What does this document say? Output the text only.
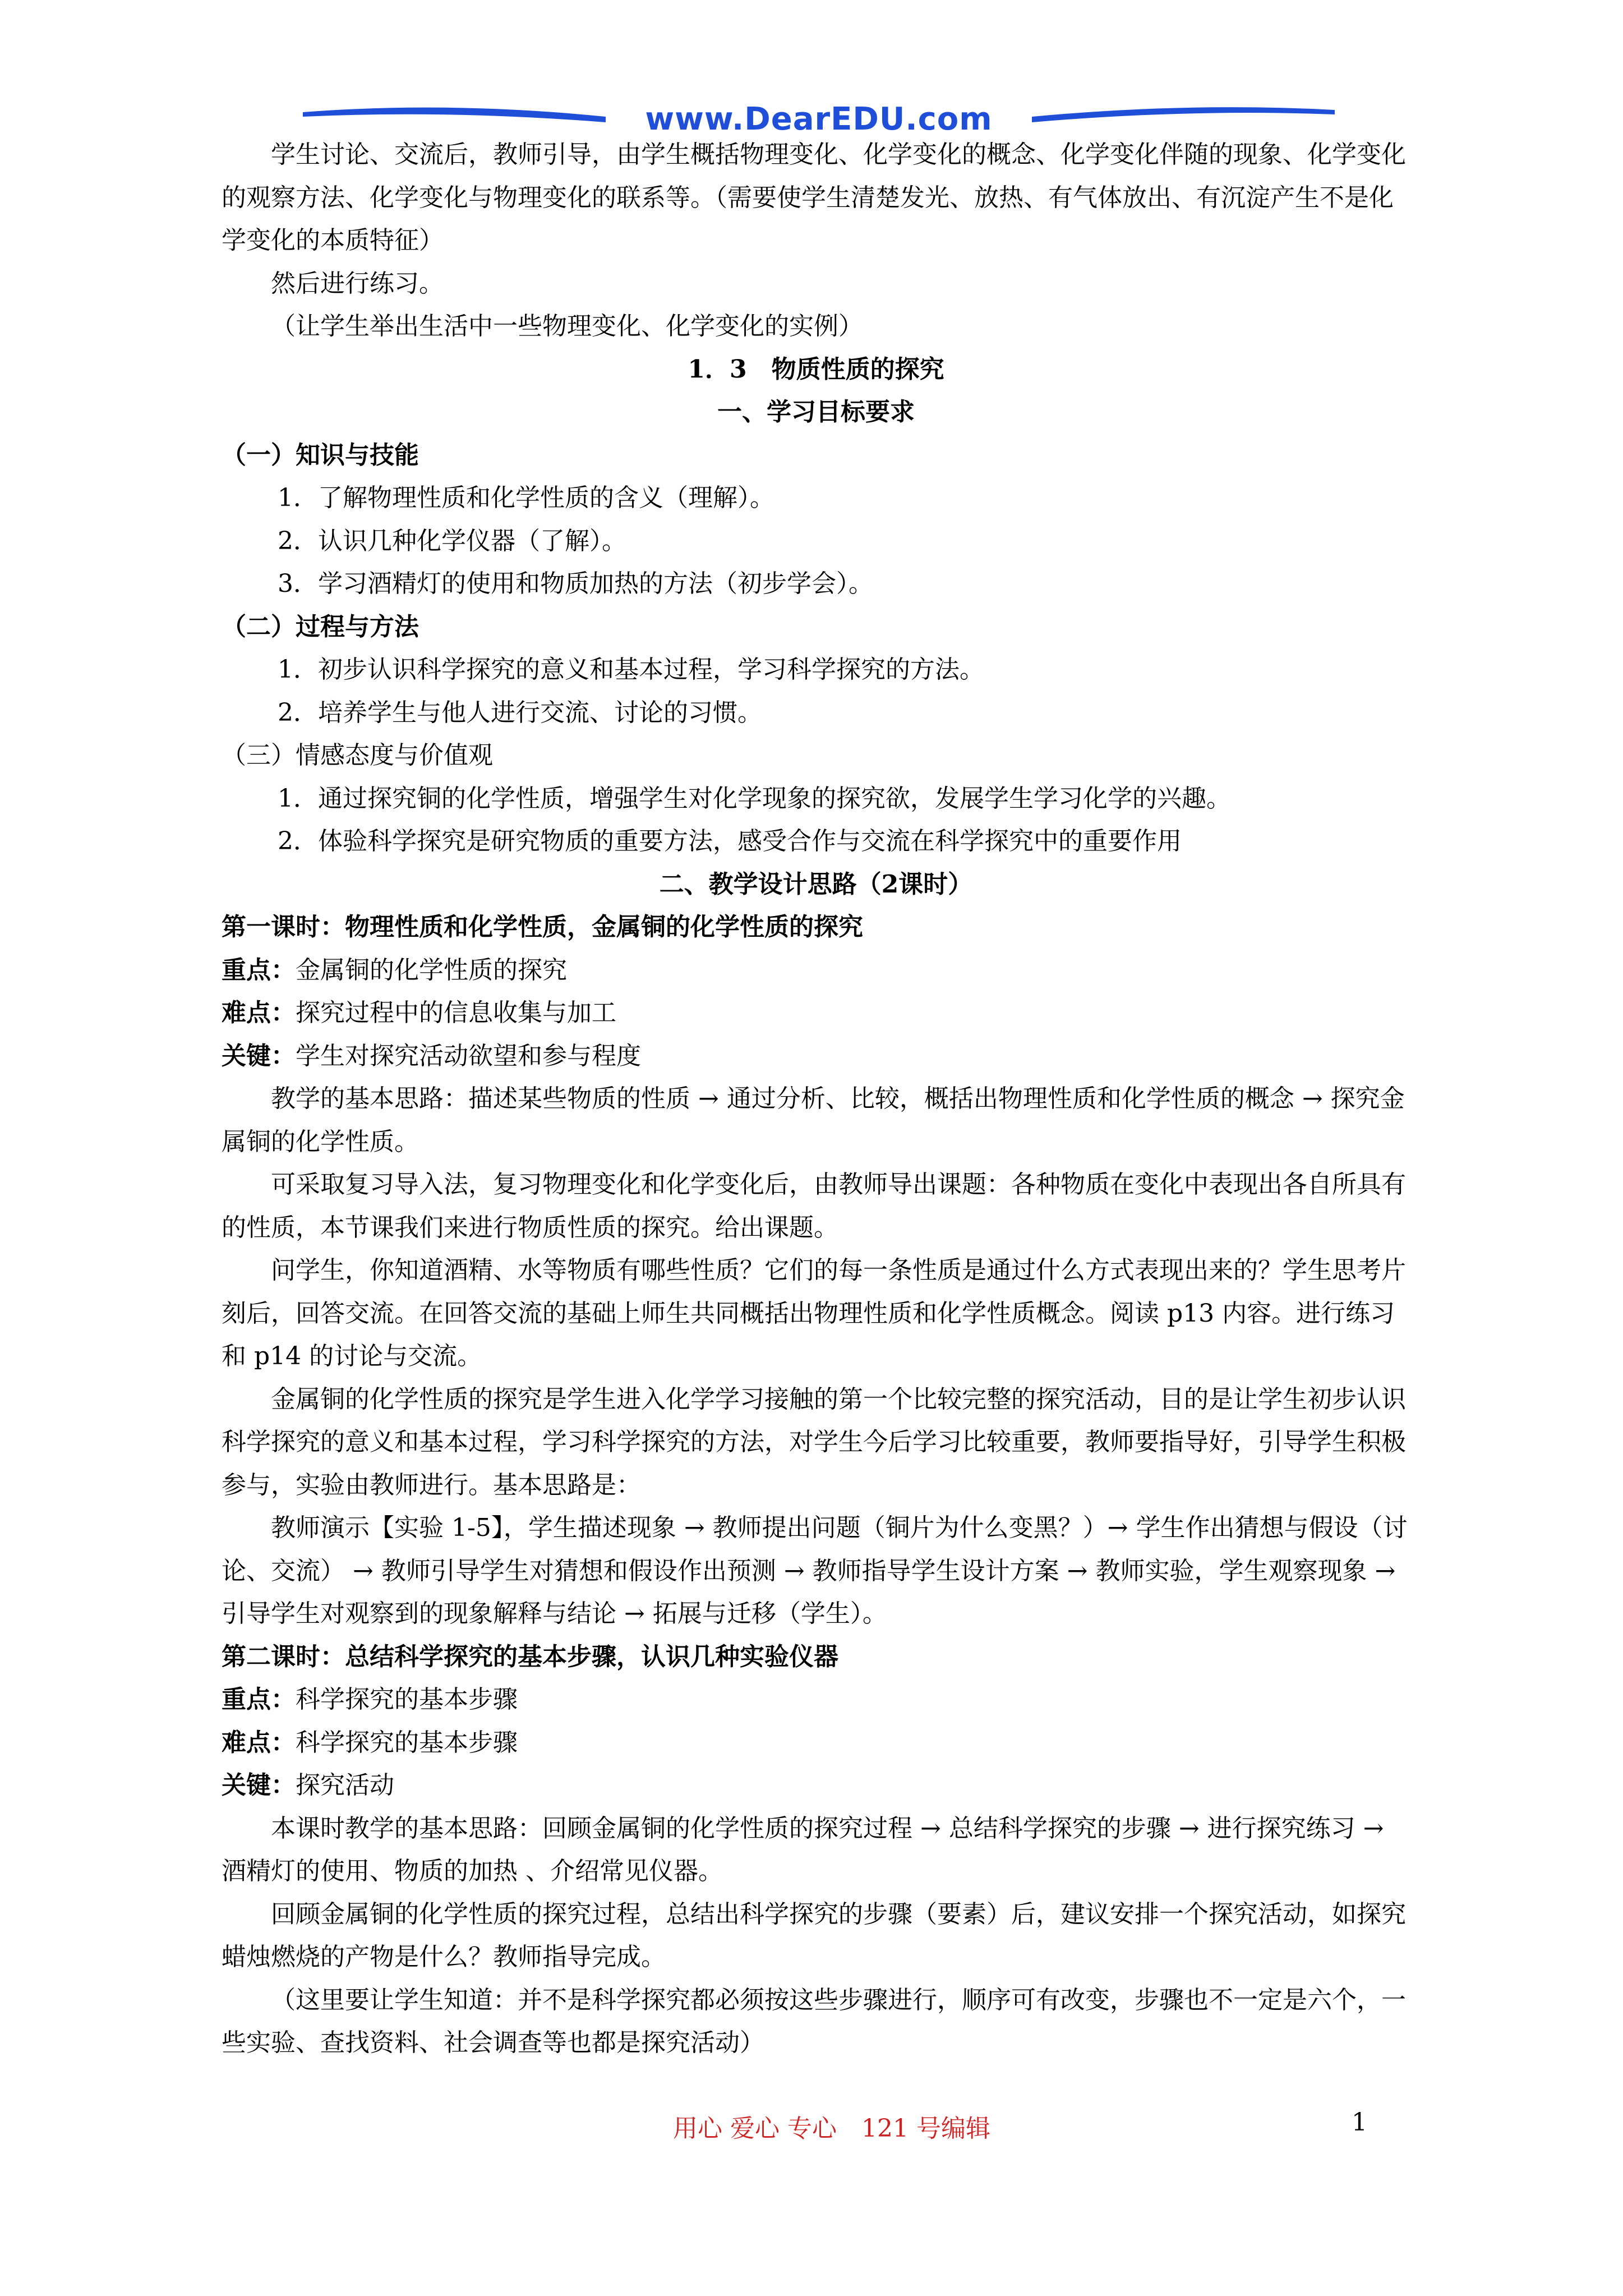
www.DearEDU.com

学生讨论、交流后，教师引导，由学生概括物理变化、化学变化的概念、化学变化伴随的现象、化学变化的观察方法、化学变化与物理变化的联系等。（需要使学生清楚发光、放热、有气体放出、有沉淀产生不是化学变化的本质特征）

然后进行练习。

（让学生举出生活中一些物理变化、化学变化的实例）

1．3　物质性质的探究

一、学习目标要求

（一）知识与技能

1．了解物理性质和化学性质的含义（理解）。

2．认识几种化学仪器（了解）。

3．学习酒精灯的使用和物质加热的方法（初步学会）。

（二）过程与方法

1．初步认识科学探究的意义和基本过程，学习科学探究的方法。

2．培养学生与他人进行交流、讨论的习惯。

（三）情感态度与价值观

1．通过探究铜的化学性质，增强学生对化学现象的探究欲，发展学生学习化学的兴趣。

2．体验科学探究是研究物质的重要方法，感受合作与交流在科学探究中的重要作用

二、教学设计思路（2课时）

第一课时：物理性质和化学性质，金属铜的化学性质的探究

重点：金属铜的化学性质的探究

难点：探究过程中的信息收集与加工

关键：学生对探究活动欲望和参与程度

教学的基本思路：描述某些物质的性质 → 通过分析、比较，概括出物理性质和化学性质的概念 → 探究金属铜的化学性质。

可采取复习导入法，复习物理变化和化学变化后，由教师导出课题：各种物质在变化中表现出各自所具有的性质，本节课我们来进行物质性质的探究。给出课题。

问学生，你知道酒精、水等物质有哪些性质？它们的每一条性质是通过什么方式表现出来的？学生思考片刻后，回答交流。在回答交流的基础上师生共同概括出物理性质和化学性质概念。阅读 p13 内容。进行练习和 p14 的讨论与交流。

金属铜的化学性质的探究是学生进入化学学习接触的第一个比较完整的探究活动，目的是让学生初步认识科学探究的意义和基本过程，学习科学探究的方法，对学生今后学习比较重要，教师要指导好，引导学生积极参与，实验由教师进行。基本思路是：

教师演示【实验 1-5】，学生描述现象 → 教师提出问题（铜片为什么变黑？）→ 学生作出猜想与假设（讨论、交流） → 教师引导学生对猜想和假设作出预测 → 教师指导学生设计方案 → 教师实验，学生观察现象 → 引导学生对观察到的现象解释与结论 → 拓展与迁移（学生）。

第二课时：总结科学探究的基本步骤，认识几种实验仪器

重点：科学探究的基本步骤

难点：科学探究的基本步骤

关键：探究活动

本课时教学的基本思路：回顾金属铜的化学性质的探究过程 → 总结科学探究的步骤 → 进行探究练习 → 酒精灯的使用、物质的加热 、介绍常见仪器。

回顾金属铜的化学性质的探究过程，总结出科学探究的步骤（要素）后，建议安排一个探究活动，如探究蜡烛燃烧的产物是什么？教师指导完成。

（这里要让学生知道：并不是科学探究都必须按这些步骤进行，顺序可有改变，步骤也不一定是六个，一些实验、查找资料、社会调查等也都是探究活动）

用心 爱心 专心　121 号编辑	1
